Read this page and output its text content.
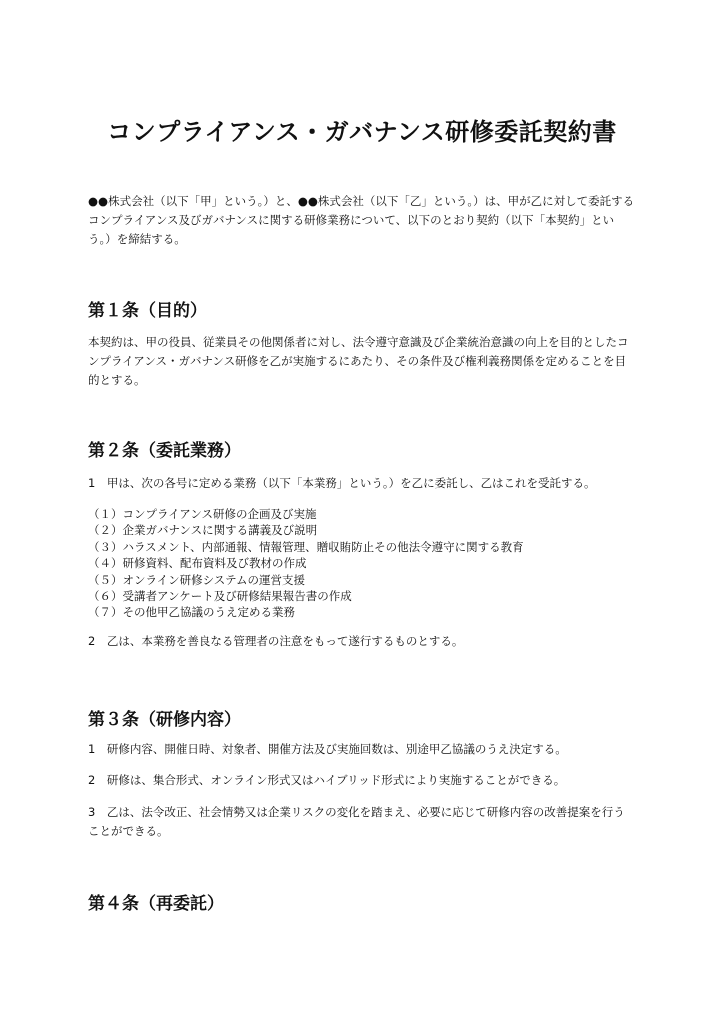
コンプライアンス・ガバナンス研修委託契約書

●●株式会社（以下「甲」という。）と、●●株式会社（以下「乙」という。）は、甲が乙に対して委託するコンプライアンス及びガバナンスに関する研修業務について、以下のとおり契約（以下「本契約」という。）を締結する。

第１条（目的）

本契約は、甲の役員、従業員その他関係者に対し、法令遵守意識及び企業統治意識の向上を目的としたコンプライアンス・ガバナンス研修を乙が実施するにあたり、その条件及び権利義務関係を定めることを目的とする。

第２条（委託業務）

1　甲は、次の各号に定める業務（以下「本業務」という。）を乙に委託し、乙はこれを受託する。

（１）コンプライアンス研修の企画及び実施
（２）企業ガバナンスに関する講義及び説明
（３）ハラスメント、内部通報、情報管理、贈収賄防止その他法令遵守に関する教育
（４）研修資料、配布資料及び教材の作成
（５）オンライン研修システムの運営支援
（６）受講者アンケート及び研修結果報告書の作成
（７）その他甲乙協議のうえ定める業務

2　乙は、本業務を善良なる管理者の注意をもって遂行するものとする。

第３条（研修内容）

1　研修内容、開催日時、対象者、開催方法及び実施回数は、別途甲乙協議のうえ決定する。

2　研修は、集合形式、オンライン形式又はハイブリッド形式により実施することができる。

3　乙は、法令改正、社会情勢又は企業リスクの変化を踏まえ、必要に応じて研修内容の改善提案を行うことができる。

第４条（再委託）
